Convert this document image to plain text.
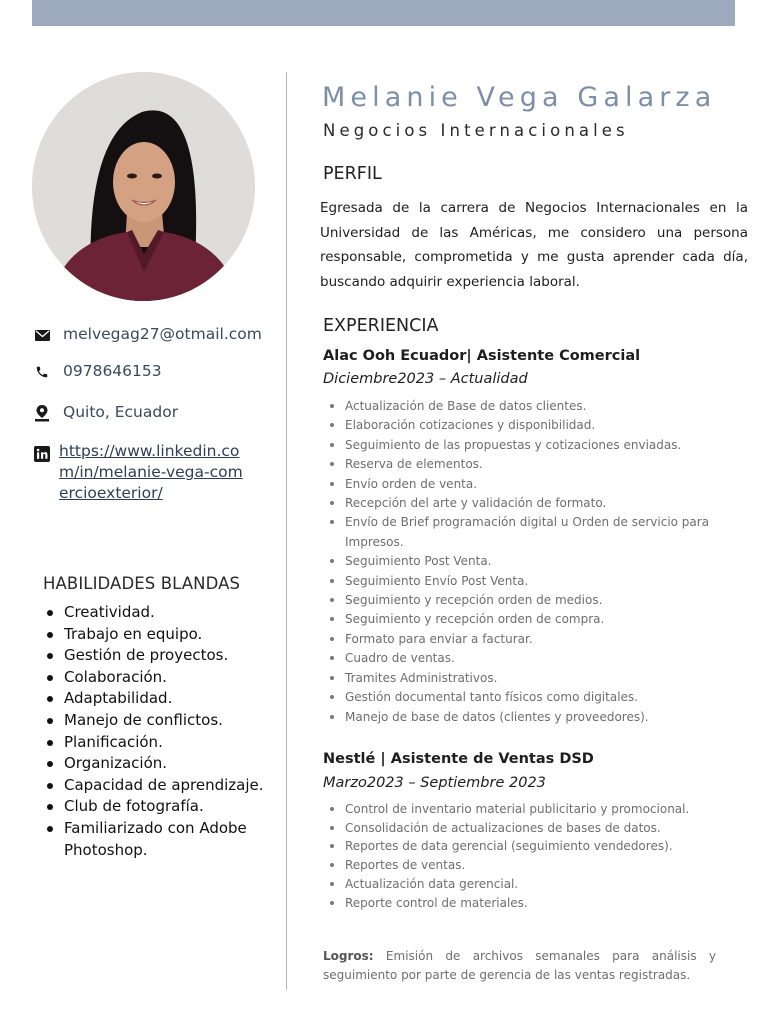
melvegag27@otmail.com
0978646153
Quito, Ecuador
https://www.linkedin.com/in/melanie-vega-comercioexterior/
HABILIDADES BLANDAS
Creatividad.
Trabajo en equipo.
Gestión de proyectos.
Colaboración.
Adaptabilidad.
Manejo de conflictos.
Planificación.
Organización.
Capacidad de aprendizaje.
Club de fotografía.
Familiarizado con Adobe Photoshop.
Melanie Vega Galarza
Negocios Internacionales
PERFIL

Egresada de la carrera de Negocios Internacionales en la Universidad de las Américas, me considero una persona responsable, comprometida y me gusta aprender cada día, buscando adquirir experiencia laboral.

EXPERIENCIA
Alac Ooh Ecuador| Asistente Comercial
Diciembre2023 – Actualidad
Actualización de Base de datos clientes.
Elaboración cotizaciones y disponibilidad.
Seguimiento de las propuestas y cotizaciones enviadas.
Reserva de elementos.
Envío orden de venta.
Recepción del arte y validación de formato.
Envío de Brief programación digital u Orden de servicio para Impresos.
Seguimiento Post Venta.
Seguimiento Envío Post Venta.
Seguimiento y recepción orden de medios.
Seguimiento y recepción orden de compra.
Formato para enviar a facturar.
Cuadro de ventas.
Tramites Administrativos.
Gestión documental tanto físicos como digitales.
Manejo de base de datos (clientes y proveedores).
Nestlé | Asistente de Ventas DSD
Marzo2023 – Septiembre 2023
Control de inventario material publicitario y promocional.
Consolidación de actualizaciones de bases de datos.
Reportes de data gerencial (seguimiento vendedores).
Reportes de ventas.
Actualización data gerencial.
Reporte control de materiales.

Logros: Emisión de archivos semanales para análisis y seguimiento por parte de gerencia de las ventas registradas.
